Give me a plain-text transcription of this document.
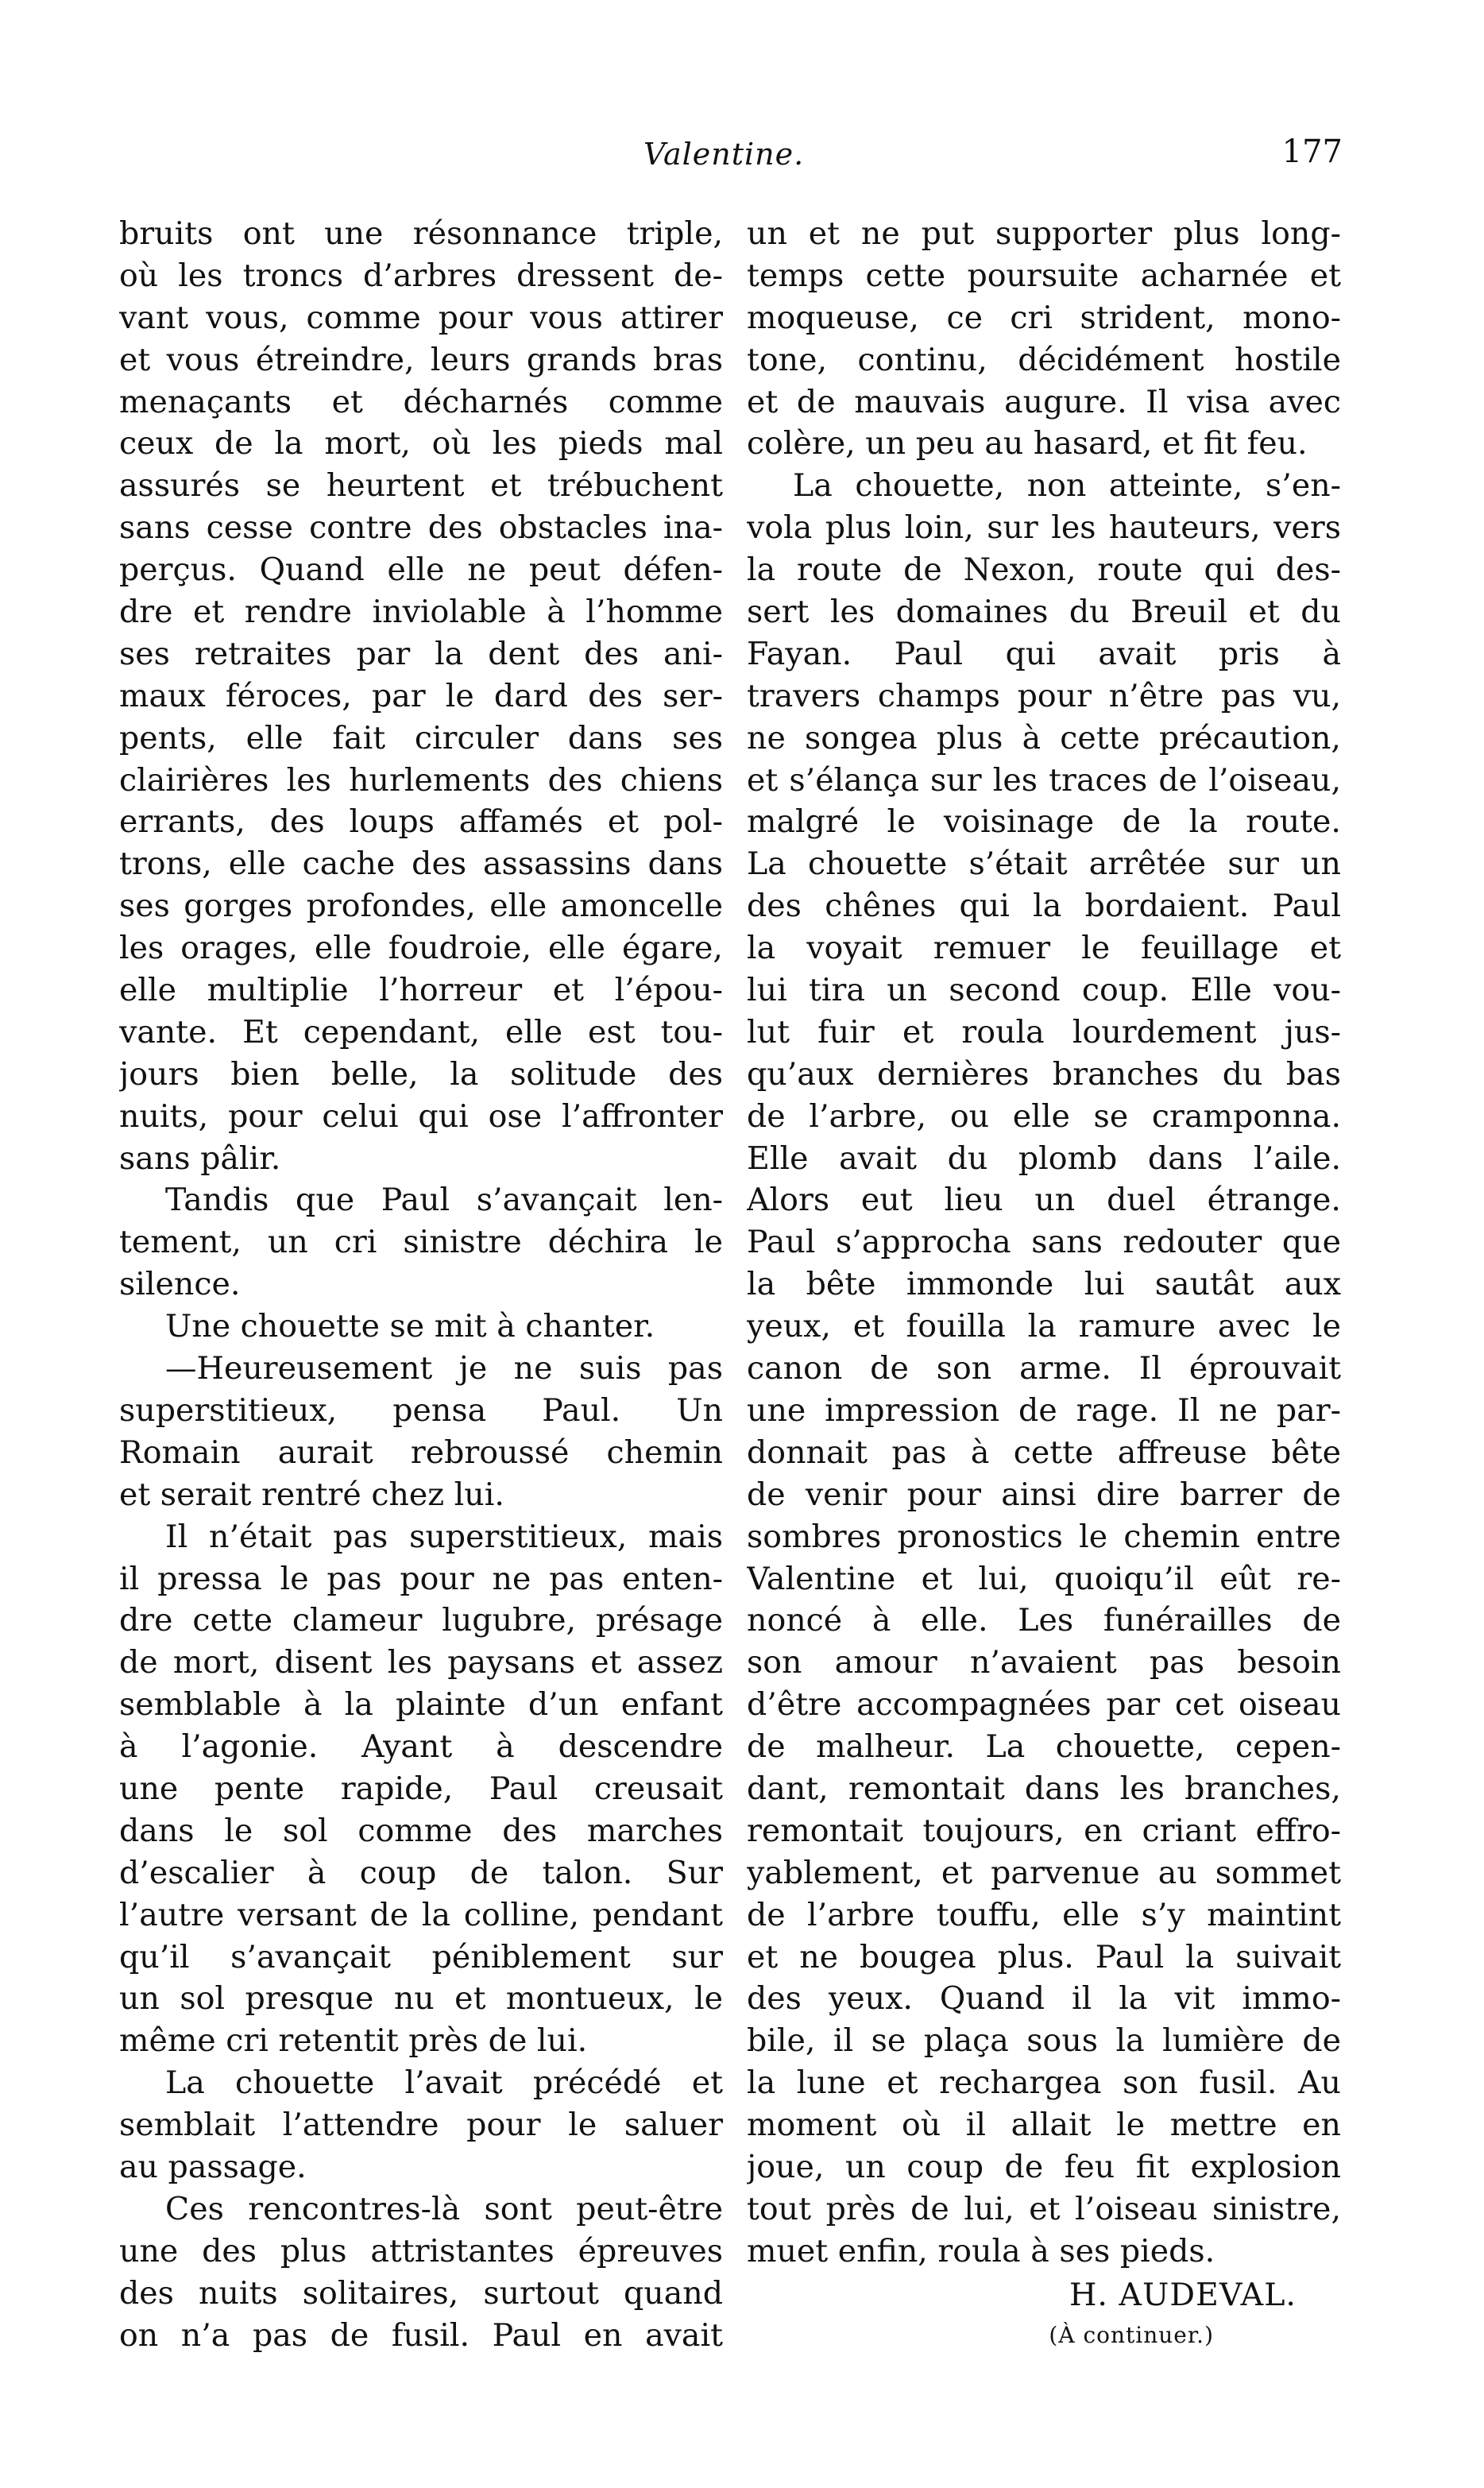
Valentine.	177
bruits ont une résonnance triple,
où les troncs d’arbres dressent de-
vant vous, comme pour vous attirer
et vous étreindre, leurs grands bras
menaçants et décharnés comme
ceux de la mort, où les pieds mal
assurés se heurtent et trébuchent
sans cesse contre des obstacles ina-
perçus. Quand elle ne peut défen-
dre et rendre inviolable à l’homme
ses retraites par la dent des ani-
maux féroces, par le dard des ser-
pents, elle fait circuler dans ses
clairières les hurlements des chiens
errants, des loups affamés et pol-
trons, elle cache des assassins dans
ses gorges profondes, elle amoncelle
les orages, elle foudroie, elle égare,
elle multiplie l’horreur et l’épou-
vante. Et cependant, elle est tou-
jours bien belle, la solitude des
nuits, pour celui qui ose l’affronter
sans pâlir.
Tandis que Paul s’avançait len-
tement, un cri sinistre déchira le
silence.
Une chouette se mit à chanter.
—Heureusement je ne suis pas
superstitieux, pensa Paul. Un
Romain aurait rebroussé chemin
et serait rentré chez lui.
Il n’était pas superstitieux, mais
il pressa le pas pour ne pas enten-
dre cette clameur lugubre, présage
de mort, disent les paysans et assez
semblable à la plainte d’un enfant
à l’agonie. Ayant à descendre
une pente rapide, Paul creusait
dans le sol comme des marches
d’escalier à coup de talon. Sur
l’autre versant de la colline, pendant
qu’il s’avançait péniblement sur
un sol presque nu et montueux, le
même cri retentit près de lui.
La chouette l’avait précédé et
semblait l’attendre pour le saluer
au passage.
Ces rencontres-là sont peut-être
une des plus attristantes épreuves
des nuits solitaires, surtout quand
on n’a pas de fusil. Paul en avait
un et ne put supporter plus long-
temps cette poursuite acharnée et
moqueuse, ce cri strident, mono-
tone, continu, décidément hostile
et de mauvais augure. Il visa avec
colère, un peu au hasard, et fit feu.
La chouette, non atteinte, s’en-
vola plus loin, sur les hauteurs, vers
la route de Nexon, route qui des-
sert les domaines du Breuil et du
Fayan. Paul qui avait pris à
travers champs pour n’être pas vu,
ne songea plus à cette précaution,
et s’élança sur les traces de l’oiseau,
malgré le voisinage de la route.
La chouette s’était arrêtée sur un
des chênes qui la bordaient. Paul
la voyait remuer le feuillage et
lui tira un second coup. Elle vou-
lut fuir et roula lourdement jus-
qu’aux dernières branches du bas
de l’arbre, ou elle se cramponna.
Elle avait du plomb dans l’aile.
Alors eut lieu un duel étrange.
Paul s’approcha sans redouter que
la bête immonde lui sautât aux
yeux, et fouilla la ramure avec le
canon de son arme. Il éprouvait
une impression de rage. Il ne par-
donnait pas à cette affreuse bête
de venir pour ainsi dire barrer de
sombres pronostics le chemin entre
Valentine et lui, quoiqu’il eût re-
noncé à elle. Les funérailles de
son amour n’avaient pas besoin
d’être accompagnées par cet oiseau
de malheur. La chouette, cepen-
dant, remontait dans les branches,
remontait toujours, en criant effro-
yablement, et parvenue au sommet
de l’arbre touffu, elle s’y maintint
et ne bougea plus. Paul la suivait
des yeux. Quand il la vit immo-
bile, il se plaça sous la lumière de
la lune et rechargea son fusil. Au
moment où il allait le mettre en
joue, un coup de feu fit explosion
tout près de lui, et l’oiseau sinistre,
muet enfin, roula à ses pieds.
H. AUDEVAL.
(À continuer.)
